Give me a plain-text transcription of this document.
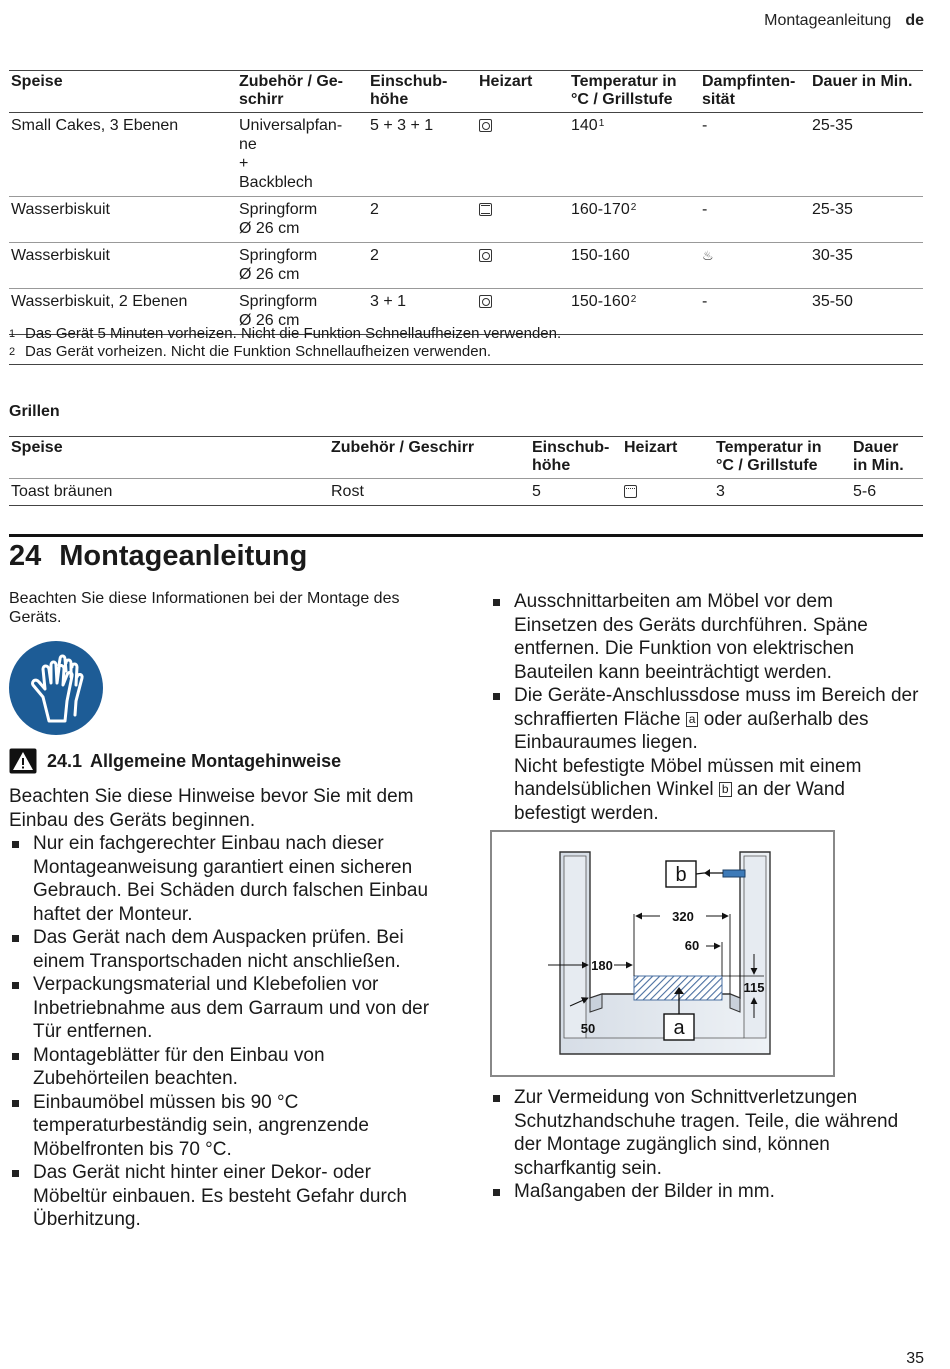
Montageanleitung de
Speise	Zubehör / Ge-
schirr	Einschub-
höhe	Heizart	Temperatur in
°C / Grillstufe	Dampfinten-
sität	Dauer in Min.
Small Cakes, 3 Ebenen	Universalpfan-
ne
+
Backblech	5 + 3 + 1		$140^1$	-	25-35
Wasserbiskuit	Springform
Ø 26 cm	2		$160-170^2$	-	25-35
Wasserbiskuit	Springform
Ø 26 cm	2		150-160	♨	30-35
Wasserbiskuit, 2 Ebenen	Springform
Ø 26 cm	3 + 1		$150-160^2$	-	35-50
1 Das Gerät 5 Minuten vorheizen. Nicht die Funktion Schnellaufheizen verwenden.
2 Das Gerät vorheizen. Nicht die Funktion Schnellaufheizen verwenden.
Grillen
Speise	Zubehör / Geschirr	Einschub-
höhe	Heizart	Temperatur in
°C / Grillstufe	Dauer
in Min.
Toast bräunen	Rost	5		3	5-6
24 Montageanleitung
Beachten Sie diese Informationen bei der Montage des Geräts.
24.1 Allgemeine Montagehinweise
Beachten Sie diese Hinweise bevor Sie mit dem Einbau des Geräts beginnen.
Nur ein fachgerechter Einbau nach dieser Montageanweisung garantiert einen sicheren Gebrauch. Bei Schäden durch falschen Einbau haftet der Monteur.
Das Gerät nach dem Auspacken prüfen. Bei einem Transportschaden nicht anschließen.
Verpackungsmaterial und Klebefolien vor Inbetriebnahme aus dem Garraum und von der Tür entfernen.
Montageblätter für den Einbau von Zubehörteilen beachten.
Einbaumöbel müssen bis 90 °C temperaturbeständig sein, angrenzende Möbelfronten bis 70 °C.
Das Gerät nicht hinter einer Dekor- oder Möbeltür einbauen. Es besteht Gefahr durch Überhitzung.
Ausschnittarbeiten am Möbel vor dem Einsetzen des Geräts durchführen. Späne entfernen. Die Funktion von elektrischen Bauteilen kann beeinträchtigt werden.
Die Geräte-Anschlussdose muss im Bereich der schraffierten Fläche a oder außerhalb des Einbauraumes liegen.
Nicht befestigte Möbel müssen mit einem handelsüblichen Winkel b an der Wand befestigt werden.
b
320
60
180
115
50	a
Zur Vermeidung von Schnittverletzungen Schutzhandschuhe tragen. Teile, die während der Montage zugänglich sind, können scharfkantig sein.
Maßangaben der Bilder in mm.
35
